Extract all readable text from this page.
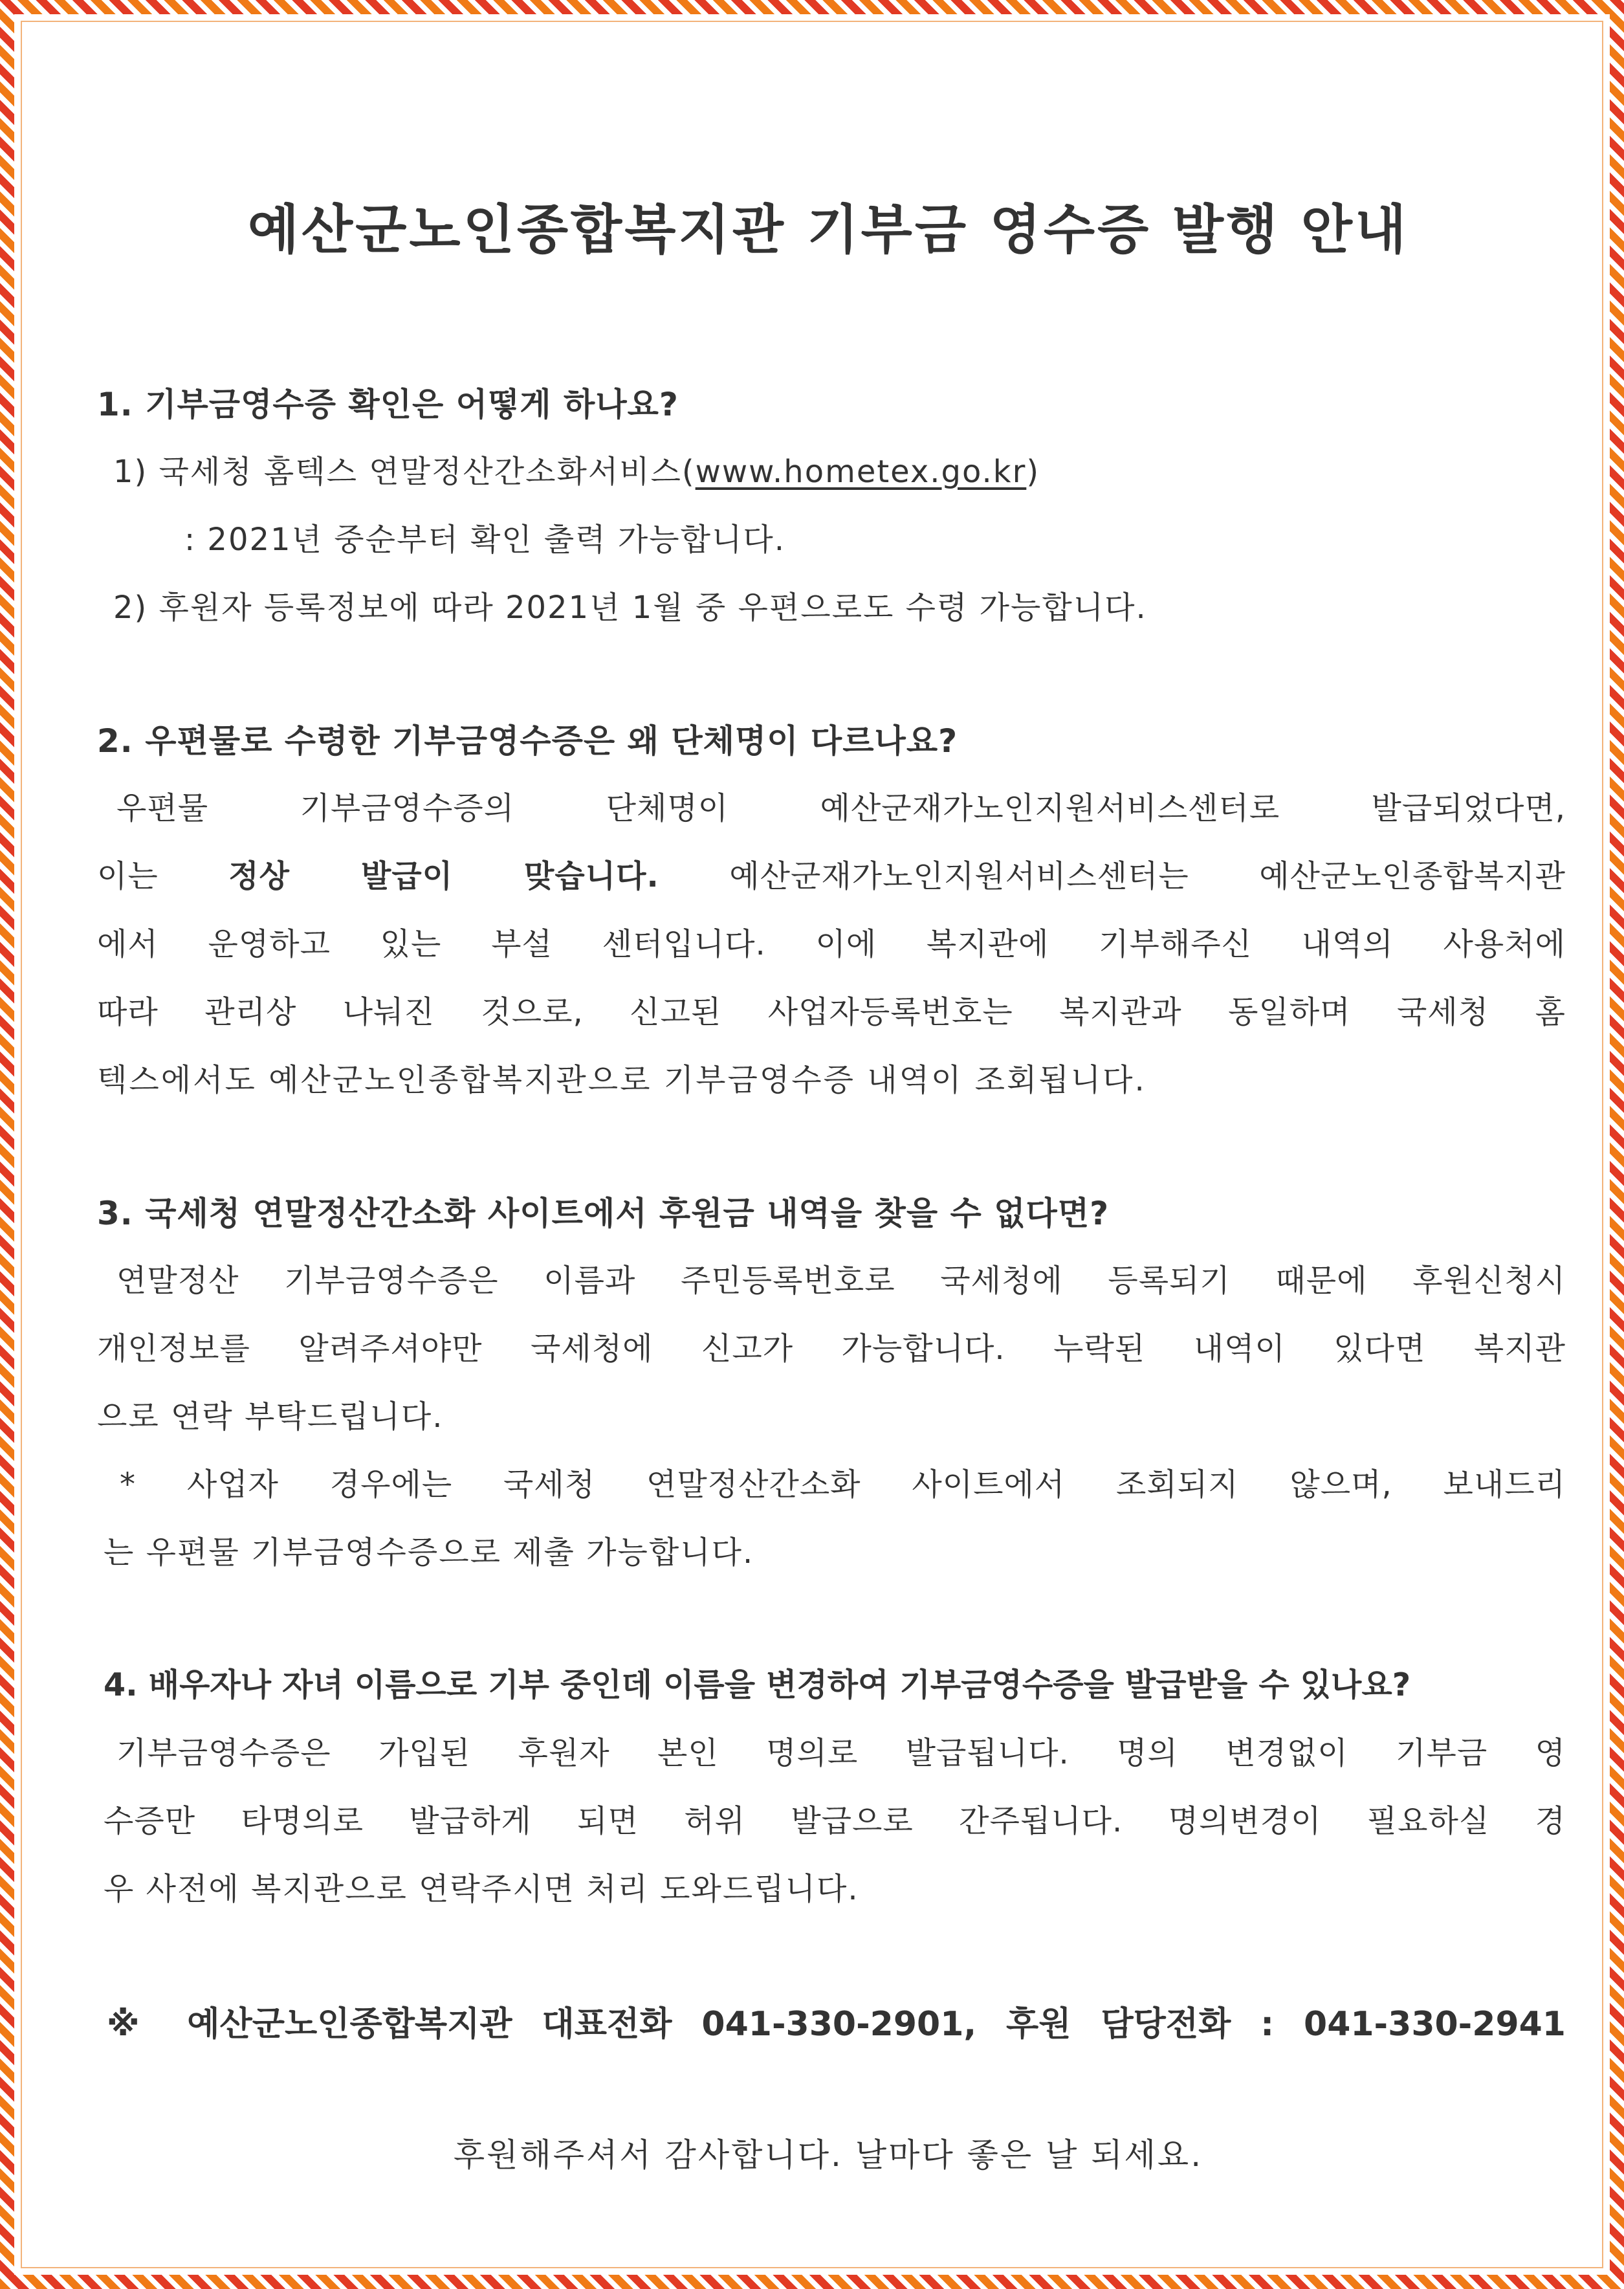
예산군노인종합복지관 기부금 영수증 발행 안내
1. 기부금영수증 확인은 어떻게 하나요?
1) 국세청 홈텍스 연말정산간소화서비스(www.hometex.go.kr)
: 2021년 중순부터 확인 출력 가능합니다.
2) 후원자 등록정보에 따라 2021년 1월 중 우편으로도 수령 가능합니다.
2. 우편물로 수령한 기부금영수증은 왜 단체명이 다르나요?
우편물 기부금영수증의 단체명이 예산군재가노인지원서비스센터로 발급되었다면,
이는 정상 발급이 맞습니다. 예산군재가노인지원서비스센터는 예산군노인종합복지관
에서 운영하고 있는 부설 센터입니다. 이에 복지관에 기부해주신 내역의 사용처에
따라 관리상 나눠진 것으로, 신고된 사업자등록번호는 복지관과 동일하며 국세청 홈
텍스에서도 예산군노인종합복지관으로 기부금영수증 내역이 조회됩니다.
3. 국세청 연말정산간소화 사이트에서 후원금 내역을 찾을 수 없다면?
연말정산 기부금영수증은 이름과 주민등록번호로 국세청에 등록되기 때문에 후원신청시
개인정보를 알려주셔야만 국세청에 신고가 가능합니다. 누락된 내역이 있다면 복지관
으로 연락 부탁드립니다.
* 사업자 경우에는 국세청 연말정산간소화 사이트에서 조회되지 않으며, 보내드리
는 우편물 기부금영수증으로 제출 가능합니다.
4. 배우자나 자녀 이름으로 기부 중인데 이름을 변경하여 기부금영수증을 발급받을 수 있나요?
기부금영수증은 가입된 후원자 본인 명의로 발급됩니다. 명의 변경없이 기부금 영
수증만 타명의로 발급하게 되면 허위 발급으로 간주됩니다. 명의변경이 필요하실 경
우 사전에 복지관으로 연락주시면 처리 도와드립니다.
※ 예산군노인종합복지관 대표전화 041-330-2901, 후원 담당전화 : 041-330-2941
후원해주셔서 감사합니다. 날마다 좋은 날 되세요.
